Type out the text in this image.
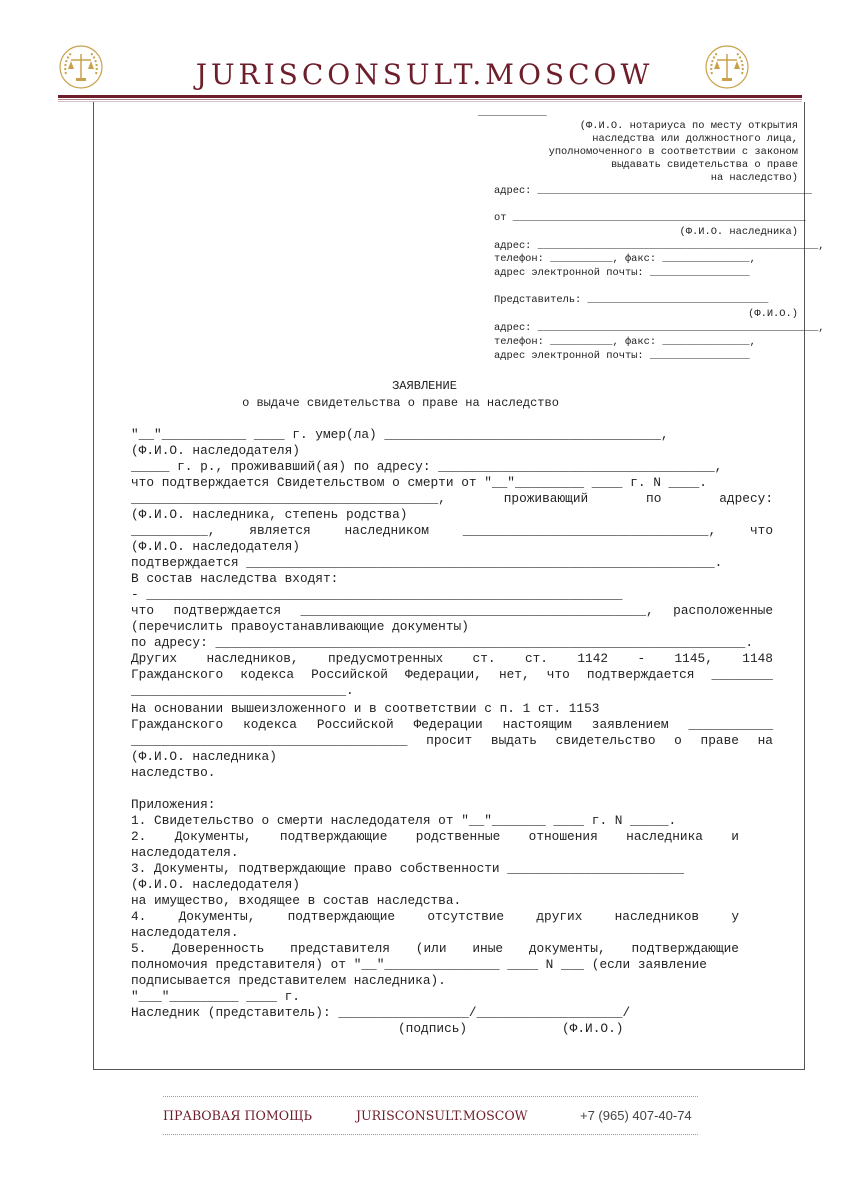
JURISCONSULT.MOSCOW
___________
(Ф.И.О. нотариуса по месту открытия
наследства или должностного лица,
уполномоченного в соответствии с законом
выдавать свидетельства о праве
на наследство)
адрес: ____________________________________________
от _______________________________________________
(Ф.И.О. наследника)
адрес: _____________________________________________,
телефон: __________, факс: ______________,
адрес электронной почты: ________________
Представитель: _____________________________
(Ф.И.О.)
адрес: _____________________________________________,
телефон: __________, факс: ______________,
адрес электронной почты: ________________
ЗАЯВЛЕНИЕ
о выдаче свидетельства о праве на наследство
"__"___________ ____ г. умер(ла) ____________________________________,
(Ф.И.О. наследодателя)
_____ г. р., проживавший(ая) по адресу: ____________________________________,
что подтверждается Свидетельством о смерти от "__"_________ ____ г. N ____.
________________________________________, проживающий по адресу:
(Ф.И.О. наследника, степень родства)
__________, является наследником ________________________________, что
(Ф.И.О. наследодателя)
подтверждается _____________________________________________________________.
В состав наследства входят:
- ______________________________________________________________
что подтверждается _____________________________________________, расположенные
(перечислить правоустанавливающие документы)
по адресу: _____________________________________________________________________.
Других наследников, предусмотренных ст. ст. 1142 - 1145, 1148
Гражданского кодекса Российской Федерации, нет, что подтверждается ________
____________________________.
На основании вышеизложенного и в соответствии с п. 1 ст. 1153
Гражданского кодекса Российской Федерации настоящим заявлением ___________
____________________________________ просит выдать свидетельство о праве на
(Ф.И.О. наследника)
наследство.
Приложения:
1. Свидетельство о смерти наследодателя от "__"_______ ____ г. N _____.
2. Документы, подтверждающие родственные отношения наследника и
наследодателя.
3. Документы, подтверждающие право собственности _______________________
(Ф.И.О. наследодателя)
на имущество, входящее в состав наследства.
4. Документы, подтверждающие отсутствие других наследников у
наследодателя.
5. Доверенность представителя (или иные документы, подтверждающие
полномочия представителя) от "__"_______________ ____ N ___ (если заявление
подписывается представителем наследника).
"___"_________ ____ г.
Наследник (представитель): _________________/___________________/
(подпись)	(Ф.И.О.)
ПРАВОВАЯ ПОМОЩЬ	JURISCONSULT.MOSCOW	+7 (965) 407-40-74
